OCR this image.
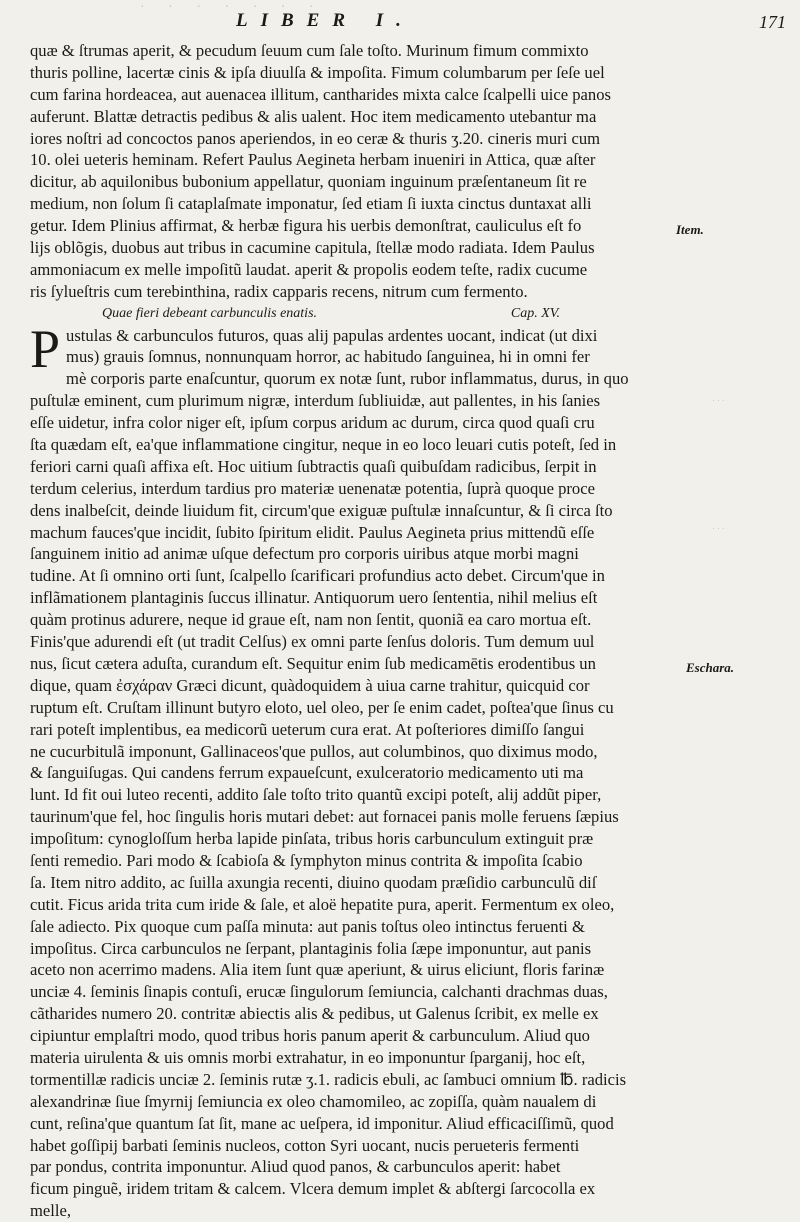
· · · · · · ·
LIBER I.	171
quæ & ſtrumas aperit, & pecudum ſeuum cum ſale toſto. Murinum fimum commixto
thuris polline, lacertæ cinis & ipſa diuulſa & impoſita. Fimum columbarum per ſeſe uel
cum farina hordeacea, aut auenacea illitum, cantharides mixta calce ſcalpelli uice panos
auferunt. Blattæ detractis pedibus & alis ualent. Hoc item medicamento utebantur ma
iores noſtri ad concoctos panos aperiendos, in eo ceræ & thuris ʒ.20. cineris muri cum
10. olei ueteris heminam. Refert Paulus Aegineta herbam inueniri in Attica, quæ aſter
dicitur, ab aquilonibus bubonium appellatur, quoniam inguinum præſentaneum ſit re
medium, non ſolum ſi cataplaſmate imponatur, ſed etiam ſi iuxta cinctus duntaxat alli
getur. Idem Plinius affirmat, & herbæ figura his uerbis demonſtrat, cauliculus eſt fo
lijs oblõgis, duobus aut tribus in cacumine capitula, ſtellæ modo radiata. Idem Paulus
ammoniacum ex melle impoſitũ laudat. aperit & propolis eodem teſte, radix cucume
ris ſylueſtris cum terebinthina, radix capparis recens, nitrum cum fermento.
Quae fieri debeant carbunculis enatis.	Cap. XV.
P ustulas & carbunculos futuros, quas alij papulas ardentes uocant, indicat (ut dixi
mus) grauis ſomnus, nonnunquam horror, ac habitudo ſanguinea, hi in omni fer
mè corporis parte enaſcuntur, quorum ex notæ ſunt, rubor inflammatus, durus, in quo
puſtulæ eminent, cum plurimum nigræ, interdum ſubliuidæ, aut pallentes, in his ſanies
eſſe uidetur, infra color niger eſt, ipſum corpus aridum ac durum, circa quod quaſi cru
ſta quædam eſt, ea'que inflammatione cingitur, neque in eo loco leuari cutis poteſt, ſed in
feriori carni quaſi affixa eſt. Hoc uitium ſubtractis quaſi quibuſdam radicibus, ſerpit in
terdum celerius, interdum tardius pro materiæ uenenatæ potentia, ſuprà quoque proce
dens inalbeſcit, deinde liuidum fit, circum'que exiguæ puſtulæ innaſcuntur, & ſi circa ſto
machum fauces'que incidit, ſubito ſpiritum elidit. Paulus Aegineta prius mittendũ eſſe
ſanguinem initio ad animæ uſque defectum pro corporis uiribus atque morbi magni
tudine. At ſi omnino orti ſunt, ſcalpello ſcarificari profundius acto debet. Circum'que in
inflãmationem plantaginis ſuccus illinatur. Antiquorum uero ſententia, nihil melius eſt
quàm protinus adurere, neque id graue eſt, nam non ſentit, quoniã ea caro mortua eſt.
Finis'que adurendi eſt (ut tradit Celſus) ex omni parte ſenſus doloris. Tum demum uul
nus, ſicut cætera aduſta, curandum eſt. Sequitur enim ſub medicamētis erodentibus un
dique, quam ἐσχάραν Græci dicunt, quàdoquidem à uiua carne trahitur, quicquid cor
ruptum eſt. Cruſtam illinunt butyro eloto, uel oleo, per ſe enim cadet, poſtea'que ſinus cu
rari poteſt implentibus, ea medicorũ ueterum cura erat. At poſteriores dimiſſo ſangui
ne cucurbitulã imponunt, Gallinaceos'que pullos, aut columbinos, quo diximus modo,
& ſanguiſugas. Qui candens ferrum expaueſcunt, exulceratorio medicamento uti ma
lunt. Id fit oui luteo recenti, addito ſale toſto trito quantũ excipi poteſt, alij addũt piper,
taurinum'que fel, hoc ſingulis horis mutari debet: aut fornacei panis molle feruens ſæpius
impoſitum: cynogloſſum herba lapide pinſata, tribus horis carbunculum extinguit præ
ſenti remedio. Pari modo & ſcabioſa & ſymphyton minus contrita & impoſita ſcabio
ſa. Item nitro addito, ac ſuilla axungia recenti, diuino quodam præſidio carbunculũ diſ
cutit. Ficus arida trita cum iride & ſale, et aloë hepatite pura, aperit. Fermentum ex oleo,
ſale adiecto. Pix quoque cum paſſa minuta: aut panis toſtus oleo intinctus feruenti &
impoſitus. Circa carbunculos ne ſerpant, plantaginis folia ſæpe imponuntur, aut panis
aceto non acerrimo madens. Alia item ſunt quæ aperiunt, & uirus eliciunt, floris farinæ
unciæ 4. ſeminis ſinapis contuſi, erucæ ſingulorum ſemiuncia, calchanti drachmas duas,
cãtharides numero 20. contritæ abiectis alis & pedibus, ut Galenus ſcribit, ex melle ex
cipiuntur emplaſtri modo, quod tribus horis panum aperit & carbunculum. Aliud quo
materia uirulenta & uis omnis morbi extrahatur, in eo imponuntur ſparganij, hoc eſt,
tormentillæ radicis unciæ 2. ſeminis rutæ ʒ.1. radicis ebuli, ac ſambuci omnium ℔. radicis
alexandrinæ ſiue ſmyrnij ſemiuncia ex oleo chamomileo, ac zopiſſa, quàm naualem di
cunt, reſina'que quantum ſat ſit, mane ac ueſpera, id imponitur. Aliud efficaciſſimũ, quod
habet goſſipij barbati ſeminis nucleos, cotton Syri uocant, nucis perueteris fermenti
par pondus, contrita imponuntur. Aliud quod panos, & carbunculos aperit: habet
ficum pinguẽ, iridem tritam & calcem. Vlcera demum implet & abſtergi ſarcocolla ex
melle,
Item.
Eschara.
· · ·
· · ·
